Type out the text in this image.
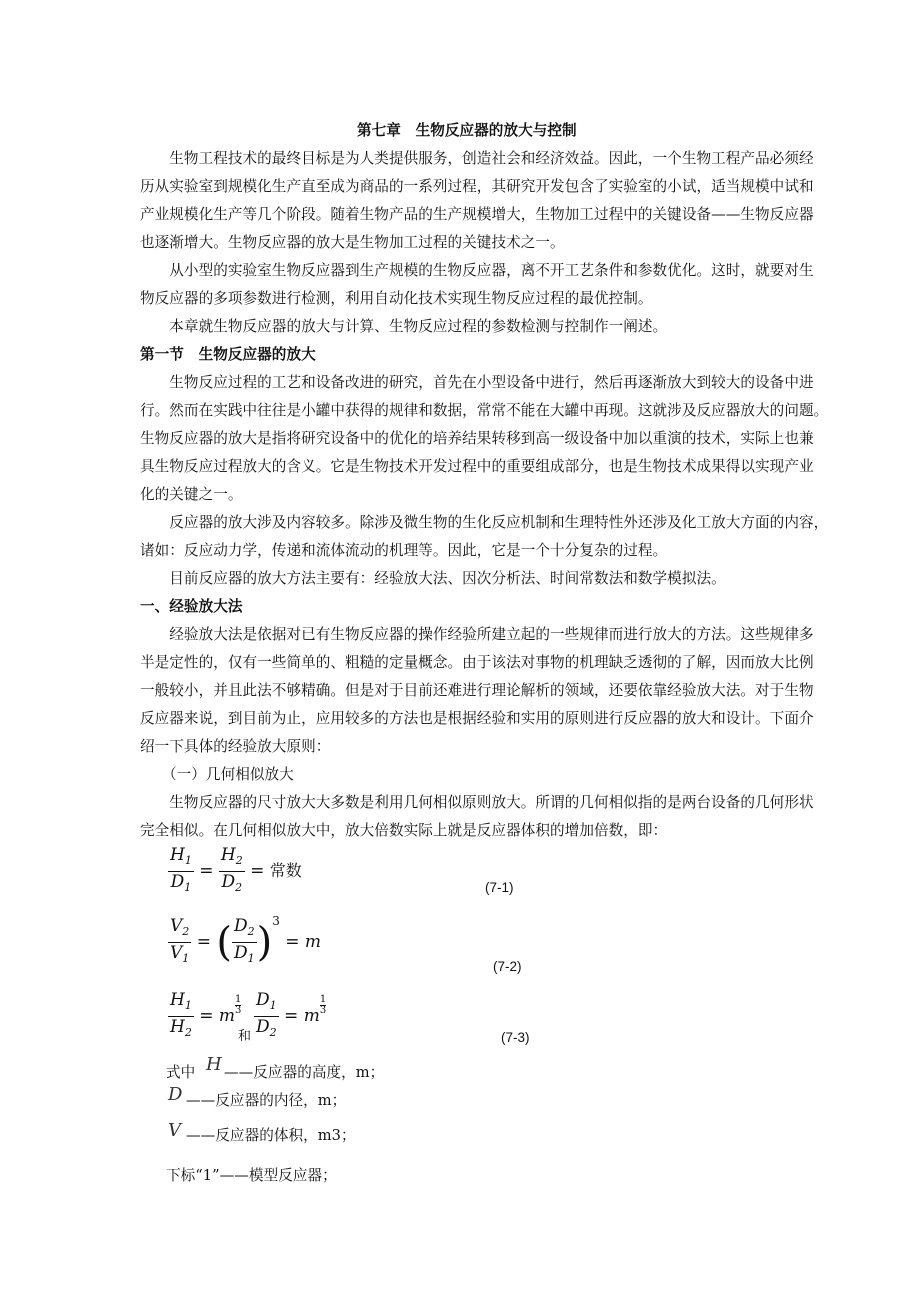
第七章　生物反应器的放大与控制
　　生物工程技术的最终目标是为人类提供服务，创造社会和经济效益。因此，一个生物工程产品必须经
历从实验室到规模化生产直至成为商品的一系列过程，其研究开发包含了实验室的小试，适当规模中试和
产业规模化生产等几个阶段。随着生物产品的生产规模增大，生物加工过程中的关键设备——生物反应器
也逐渐增大。生物反应器的放大是生物加工过程的关键技术之一。
　　从小型的实验室生物反应器到生产规模的生物反应器，离不开工艺条件和参数优化。这时，就要对生
物反应器的多项参数进行检测，利用自动化技术实现生物反应过程的最优控制。
　　本章就生物反应器的放大与计算、生物反应过程的参数检测与控制作一阐述。
第一节　生物反应器的放大
　　生物反应过程的工艺和设备改进的研究，首先在小型设备中进行，然后再逐渐放大到较大的设备中进
行。然而在实践中往往是小罐中获得的规律和数据，常常不能在大罐中再现。这就涉及反应器放大的问题。
生物反应器的放大是指将研究设备中的优化的培养结果转移到高一级设备中加以重演的技术，实际上也兼
具生物反应过程放大的含义。它是生物技术开发过程中的重要组成部分，也是生物技术成果得以实现产业
化的关键之一。
　　反应器的放大涉及内容较多。除涉及微生物的生化反应机制和生理特性外还涉及化工放大方面的内容，
诸如：反应动力学，传递和流体流动的机理等。因此，它是一个十分复杂的过程。
　　目前反应器的放大方法主要有：经验放大法、因次分析法、时间常数法和数学模拟法。
一、经验放大法
　　经验放大法是依据对已有生物反应器的操作经验所建立起的一些规律而进行放大的方法。这些规律多
半是定性的，仅有一些简单的、粗糙的定量概念。由于该法对事物的机理缺乏透彻的了解，因而放大比例
一般较小，并且此法不够精确。但是对于目前还难进行理论解析的领域，还要依靠经验放大法。对于生物
反应器来说，到目前为止，应用较多的方法也是根据经验和实用的原则进行反应器的放大和设计。下面介
绍一下具体的经验放大原则：
　　（一）几何相似放大
　　生物反应器的尺寸放大大多数是利用几何相似原则放大。所谓的几何相似指的是两台设备的几何形状
完全相似。在几何相似放大中，放大倍数实际上就是反应器体积的增加倍数，即：
$\frac{H_1}{D_1} = \frac{H_2}{D_2}$ = 常数
(7-1)
$\frac{V_2}{V_1}$ = ( $\frac{D_2}{D_1} )^3 = m$
(7-2)
$\frac{H_1}{H_2} = m \frac{1}{3}$
和 $\frac{D_1}{D_2} = m \frac{1}{3}$
(7-3)
式中 H ——反应器的高度，m；
D ——反应器的内径，m；
V ——反应器的体积，m3；
下标“1”——模型反应器；
